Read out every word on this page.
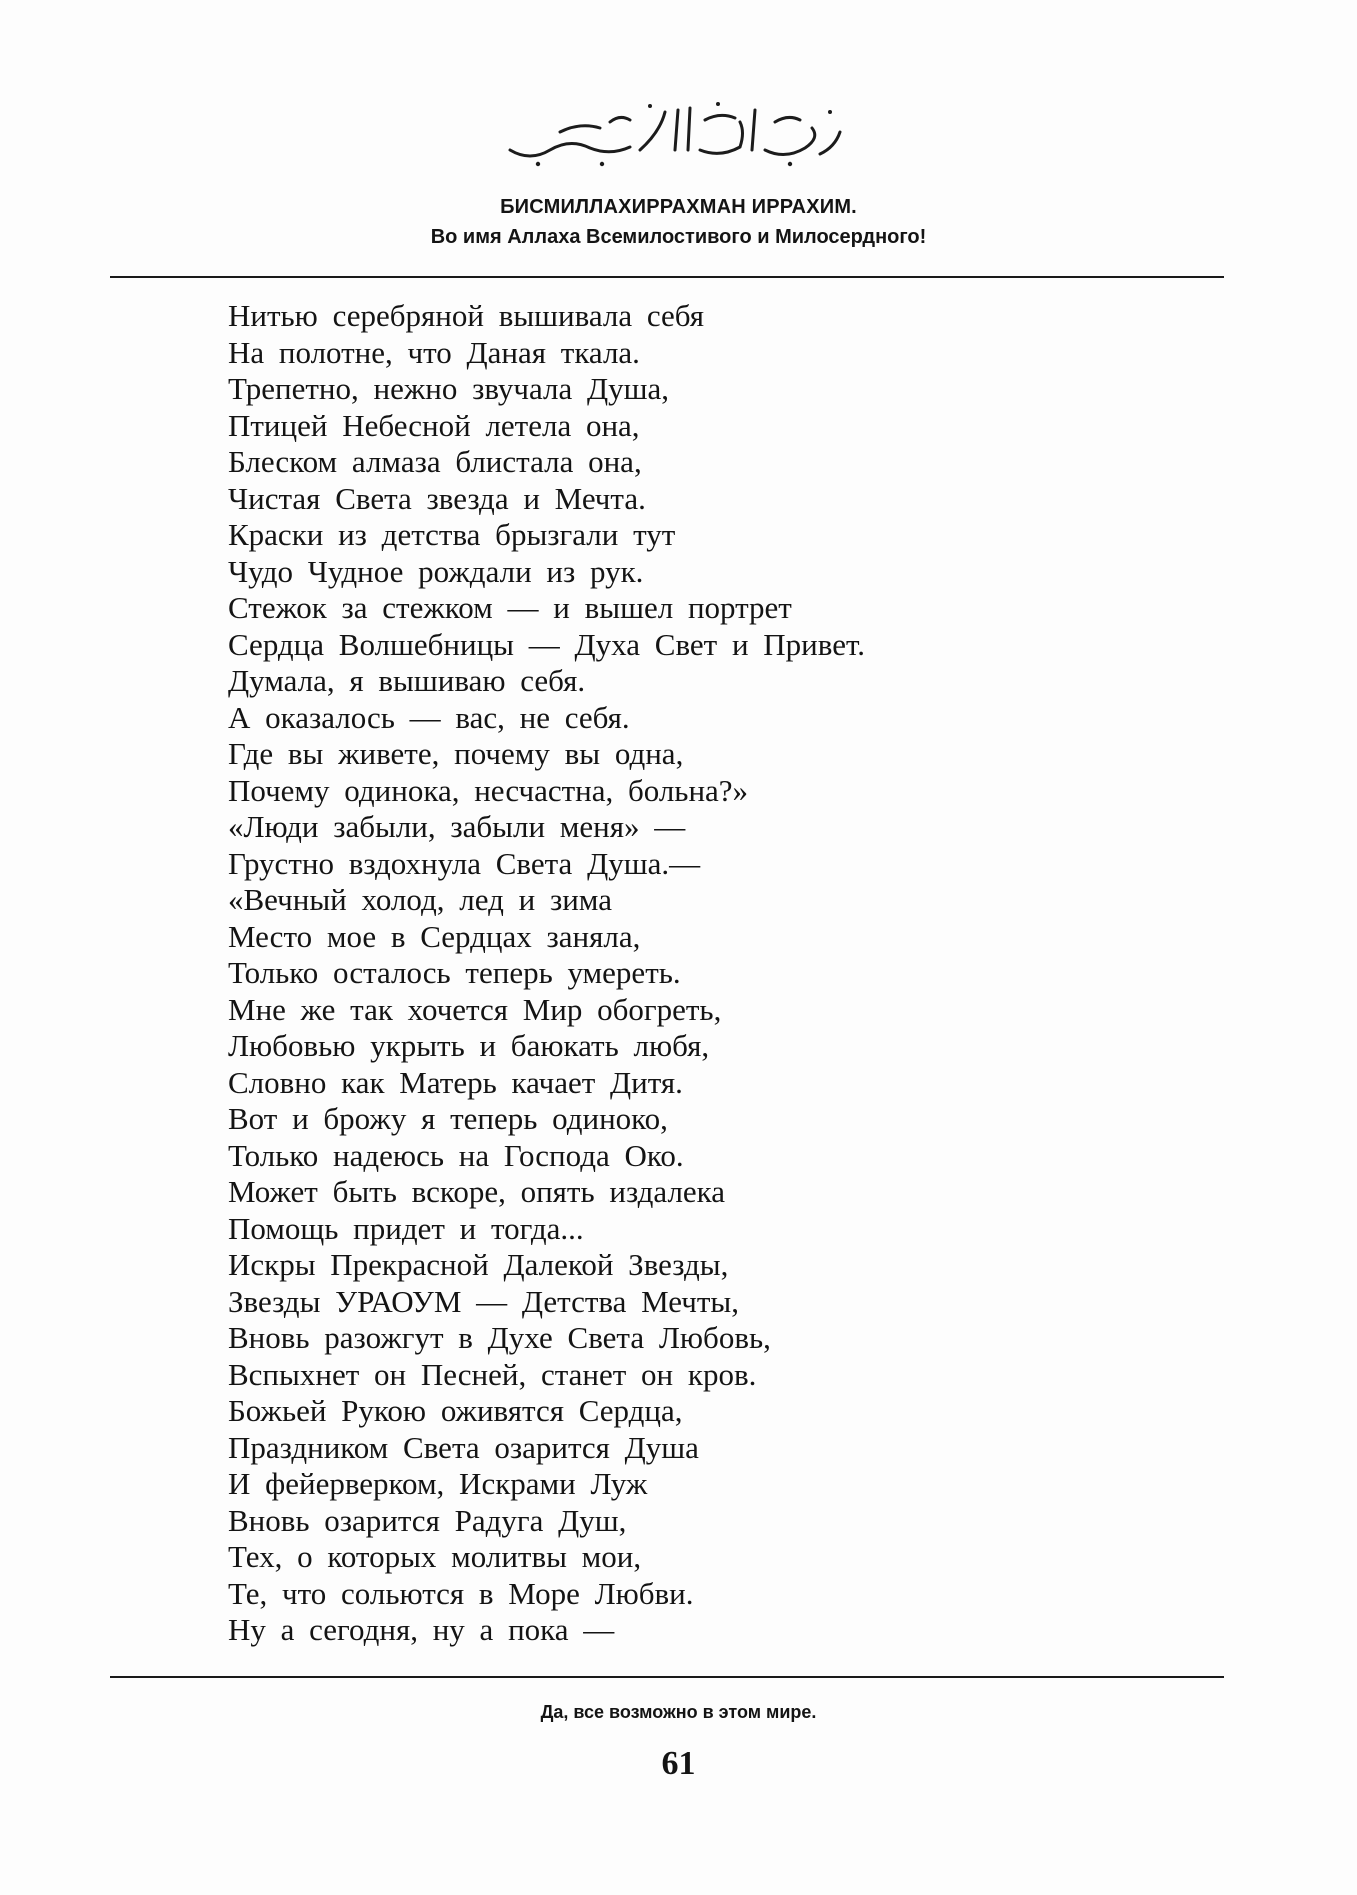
БИСМИЛЛАХИРРАХМАН ИРРАХИМ.

Во имя Аллаха Всемилостивого и Милосердного!

Нитью серебряной вышивала себя
На полотне, что Даная ткала.
Трепетно, нежно звучала Душа,
Птицей Небесной летела она,
Блеском алмаза блистала она,
Чистая Света звезда и Мечта.
Краски из детства брызгали тут
Чудо Чудное рождали из рук.
Стежок за стежком — и вышел портрет
Сердца Волшебницы — Духа Свет и Привет.
Думала, я вышиваю себя.
А оказалось — вас, не себя.
Где вы живете, почему вы одна,
Почему одинока, несчастна, больна?»
«Люди забыли, забыли меня» —
Грустно вздохнула Света Душа.—
«Вечный холод, лед и зима
Место мое в Сердцах заняла,
Только осталось теперь умереть.
Мне же так хочется Мир обогреть,
Любовью укрыть и баюкать любя,
Словно как Матерь качает Дитя.
Вот и брожу я теперь одиноко,
Только надеюсь на Господа Око.
Может быть вскоре, опять издалека
Помощь придет и тогда...
Искры Прекрасной Далекой Звезды,
Звезды УРАОУМ — Детства Мечты,
Вновь разожгут в Духе Света Любовь,
Вспыхнет он Песней, станет он кров.
Божьей Рукою оживятся Сердца,
Праздником Света озарится Душа
И фейерверком, Искрами Луж
Вновь озарится Радуга Душ,
Тех, о которых молитвы мои,
Те, что сольются в Море Любви.
Ну а сегодня, ну а пока —

Да, все возможно в этом мире.

61
